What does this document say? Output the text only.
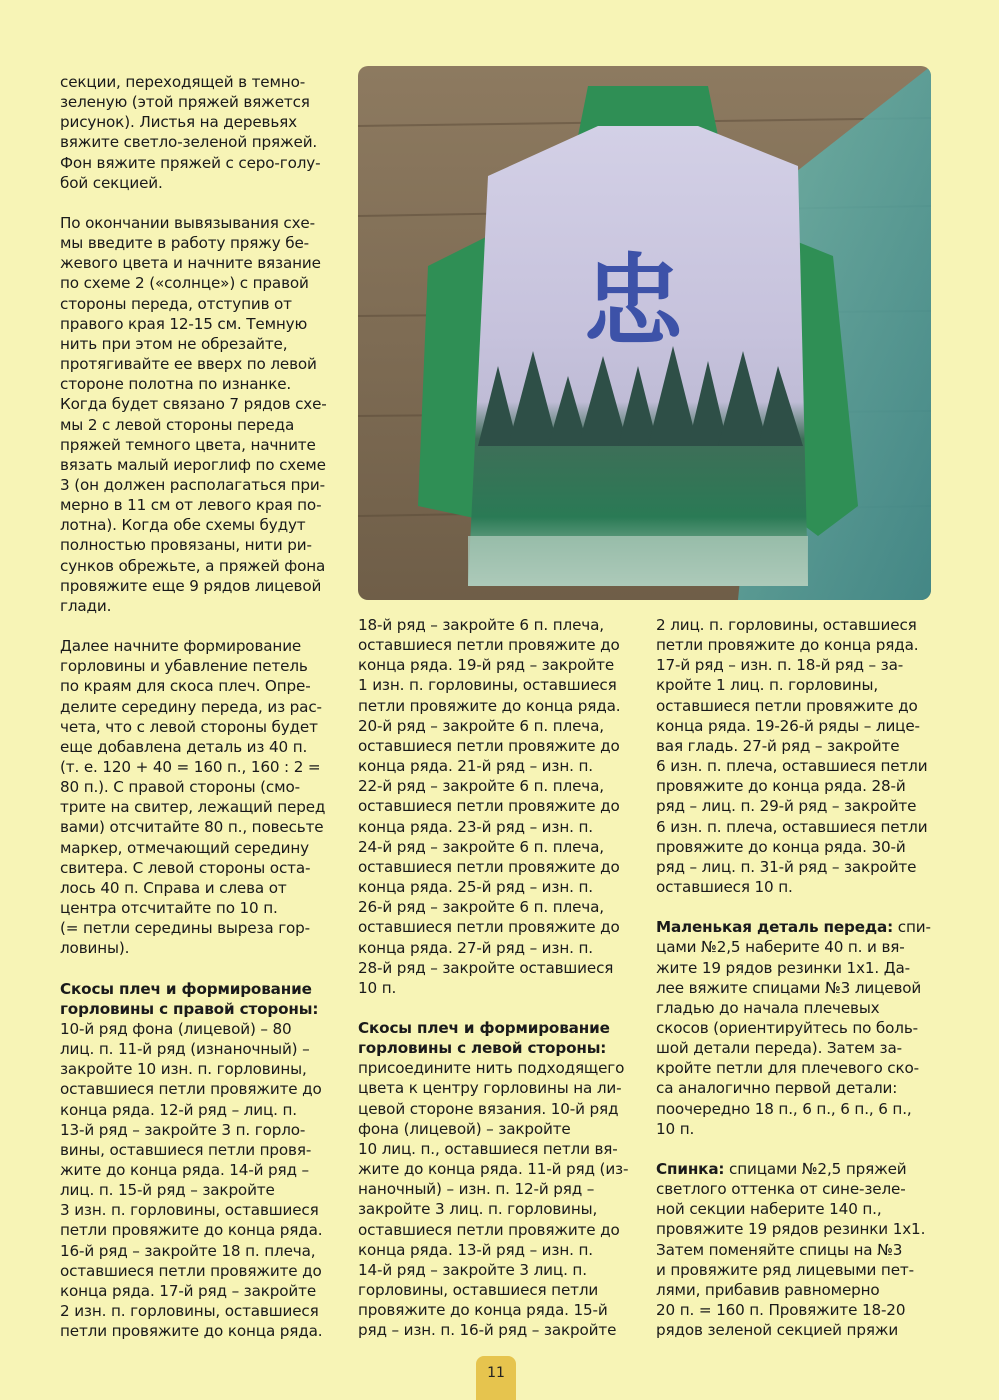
секции, переходящей в темно-
зеленую (этой пряжей вяжется
рисунок). Листья на деревьях
вяжите светло-зеленой пряжей.
Фон вяжите пряжей с серо-голу-
бой секцией.

По окончании вывязывания схе-
мы введите в работу пряжу бе-
жевого цвета и начните вязание
по схеме 2 («солнце») с правой
стороны переда, отступив от
правого края 12-15 см. Темную
нить при этом не обрезайте,
протягивайте ее вверх по левой
стороне полотна по изнанке.
Когда будет связано 7 рядов схе-
мы 2 с левой стороны переда
пряжей темного цвета, начните
вязать малый иероглиф по схеме
3 (он должен располагаться при-
мерно в 11 см от левого края по-
лотна). Когда обе схемы будут
полностью провязаны, нити ри-
сунков обрежьте, а пряжей фона
провяжите еще 9 рядов лицевой
глади.

Далее начните формирование
горловины и убавление петель
по краям для скоса плеч. Опре-
делите середину переда, из рас-
чета, что с левой стороны будет
еще добавлена деталь из 40 п.
(т. е. 120 + 40 = 160 п., 160 : 2 =
80 п.). С правой стороны (смо-
трите на свитер, лежащий перед
вами) отсчитайте 80 п., повесьте
маркер, отмечающий середину
свитера. С левой стороны оста-
лось 40 п. Справа и слева от
центра отсчитайте по 10 п.
(= петли середины выреза гор-
ловины).

Скосы плеч и формирование
горловины с правой стороны:

10-й ряд фона (лицевой) – 80
лиц. п. 11-й ряд (изнаночный) –
закройте 10 изн. п. горловины,
оставшиеся петли провяжите до
конца ряда. 12-й ряд – лиц. п.
13-й ряд – закройте 3 п. горло-
вины, оставшиеся петли провя-
жите до конца ряда. 14-й ряд –
лиц. п. 15-й ряд – закройте
3 изн. п. горловины, оставшиеся
петли провяжите до конца ряда.
16-й ряд – закройте 18 п. плеча,
оставшиеся петли провяжите до
конца ряда. 17-й ряд – закройте
2 изн. п. горловины, оставшиеся
петли провяжите до конца ряда.

忠

18-й ряд – закройте 6 п. плеча,
оставшиеся петли провяжите до
конца ряда. 19-й ряд – закройте
1 изн. п. горловины, оставшиеся
петли провяжите до конца ряда.
20-й ряд – закройте 6 п. плеча,
оставшиеся петли провяжите до
конца ряда. 21-й ряд – изн. п.
22-й ряд – закройте 6 п. плеча,
оставшиеся петли провяжите до
конца ряда. 23-й ряд – изн. п.
24-й ряд – закройте 6 п. плеча,
оставшиеся петли провяжите до
конца ряда. 25-й ряд – изн. п.
26-й ряд – закройте 6 п. плеча,
оставшиеся петли провяжите до
конца ряда. 27-й ряд – изн. п.
28-й ряд – закройте оставшиеся
10 п.

Скосы плеч и формирование
горловины с левой стороны:

присоедините нить подходящего
цвета к центру горловины на ли-
цевой стороне вязания. 10-й ряд
фона (лицевой) – закройте
10 лиц. п., оставшиеся петли вя-
жите до конца ряда. 11-й ряд (из-
наночный) – изн. п. 12-й ряд –
закройте 3 лиц. п. горловины,
оставшиеся петли провяжите до
конца ряда. 13-й ряд – изн. п.
14-й ряд – закройте 3 лиц. п.
горловины, оставшиеся петли
провяжите до конца ряда. 15-й
ряд – изн. п. 16-й ряд – закройте

2 лиц. п. горловины, оставшиеся
петли провяжите до конца ряда.
17-й ряд – изн. п. 18-й ряд – за-
кройте 1 лиц. п. горловины,
оставшиеся петли провяжите до
конца ряда. 19-26-й ряды – лице-
вая гладь. 27-й ряд – закройте
6 изн. п. плеча, оставшиеся петли
провяжите до конца ряда. 28-й
ряд – лиц. п. 29-й ряд – закройте
6 изн. п. плеча, оставшиеся петли
провяжите до конца ряда. 30-й
ряд – лиц. п. 31-й ряд – закройте
оставшиеся 10 п.

Маленькая деталь переда: спи-
цами №2,5 наберите 40 п. и вя-
жите 19 рядов резинки 1х1. Да-
лее вяжите спицами №3 лицевой гладью до начала плечевых
скосов (ориентируйтесь по боль-
шой детали переда). Затем за-
кройте петли для плечевого ско-
са аналогично первой детали:
поочередно 18 п., 6 п., 6 п., 6 п.,
10 п.

Спинка: спицами №2,5 пряжей
светлого оттенка от сине-зеле-
ной секции наберите 140 п.,
провяжите 19 рядов резинки 1х1.
Затем поменяйте спицы на №3
и провяжите ряд лицевыми пет-
лями, прибавив равномерно
20 п. = 160 п. Провяжите 18-20
рядов зеленой секцией пряжи

11
